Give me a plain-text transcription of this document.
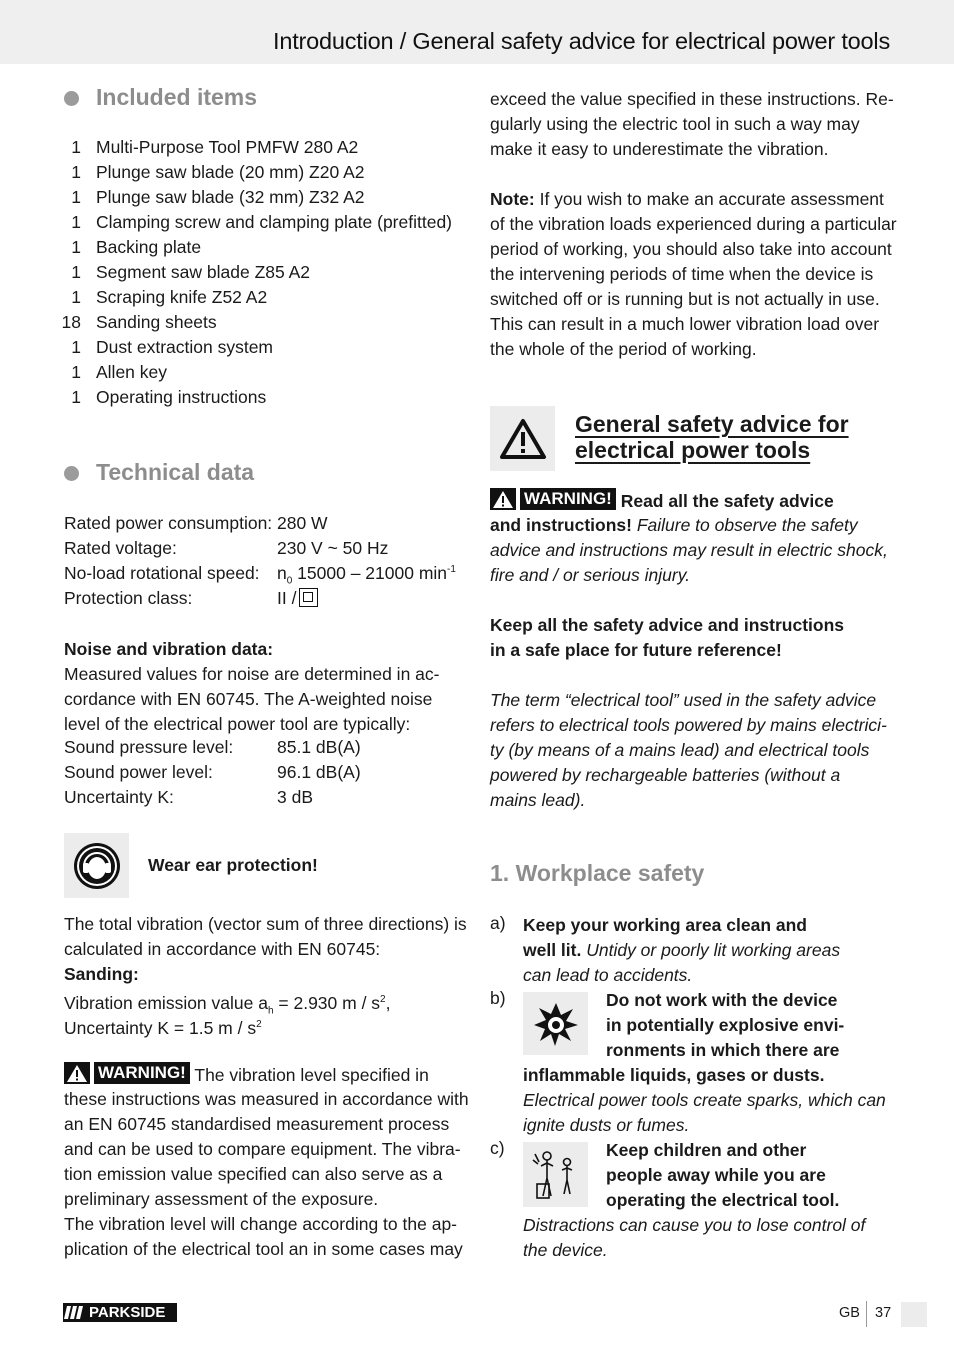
Introduction / General safety advice for electrical power tools
Included items
1 Multi-Purpose Tool PMFW 280 A2
1 Plunge saw blade (20 mm) Z20 A2
1 Plunge saw blade (32 mm) Z32 A2
1 Clamping screw and clamping plate (prefitted)
1 Backing plate
1 Segment saw blade Z85 A2
1 Scraping knife Z52 A2
18 Sanding sheets
1 Dust extraction system
1 Allen key
1 Operating instructions
Technical data
Rated power consumption: 280 W
Rated voltage:	230 V ~ 50 Hz
No-load rotational speed: $n_0$ 15000 – 21000 $\min^{-1}$
Protection class:	II /
Noise and vibration data:
Measured values for noise are determined in ac-
cordance with EN 60745. The A-weighted noise
level of the electrical power tool are typically:
Sound pressure level: 85.1 dB(A)
Sound power level:	96.1 dB(A)
Uncertainty K:	3 dB
Wear ear protection!
The total vibration (vector sum of three directions) is
calculated in accordance with EN 60745:
Sanding:
Vibration emission value $a_h = 2.930$ m / $s^2$,
Uncertainty K = 1.5 m / $s^2$
WARNING! The vibration level specified in
these instructions was measured in accordance with
an EN 60745 standardised measurement process
and can be used to compare equipment. The vibra-
tion emission value specified can also serve as a
preliminary assessment of the exposure.
The vibration level will change according to the ap-
plication of the electrical tool an in some cases may
exceed the value specified in these instructions. Re-
gularly using the electric tool in such a way may
make it easy to underestimate the vibration.
Note: If you wish to make an accurate assessment
of the vibration loads experienced during a particular
period of working, you should also take into account
the intervening periods of time when the device is
switched off or is running but is not actually in use.
This can result in a much lower vibration load over
the whole of the period of working.
General safety advice for
electrical power tools
WARNING! Read all the safety advice
and instructions! Failure to observe the safety
advice and instructions may result in electric shock,
fire and / or serious injury.
Keep all the safety advice and instructions
in a safe place for future reference!
The term “electrical tool” used in the safety advice
refers to electrical tools powered by mains electrici-
ty (by means of a mains lead) and electrical tools
powered by rechargeable batteries (without a
mains lead).
1. Workplace safety
a) Keep your working area clean and
well lit. Untidy or poorly lit working areas
can lead to accidents.
b)	Do not work with the device
in potentially explosive envi-
ronments in which there are
inflammable liquids, gases or dusts.
Electrical power tools create sparks, which can
ignite dusts or fumes.
c)	Keep children and other
people away while you are
operating the electrical tool.
Distractions can cause you to lose control of
the device.
PARKSIDE	GB 37
